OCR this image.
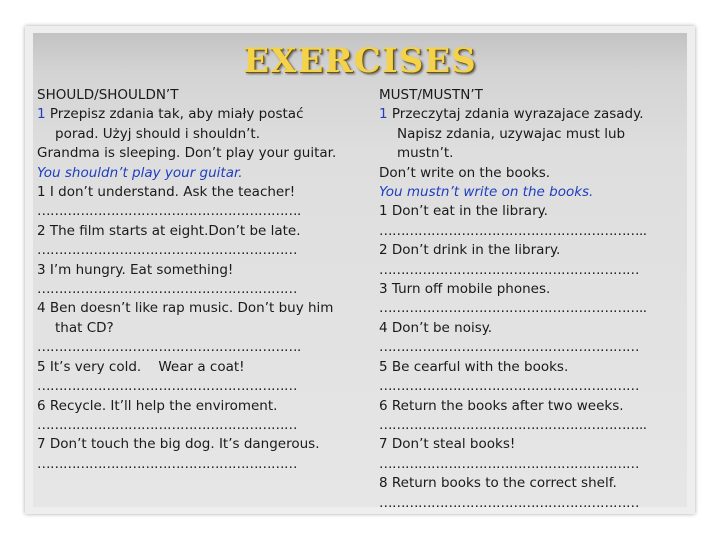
EXERCISES
SHOULD/SHOULDN’T
1 Przepisz zdania tak, aby miały postać
porad. Użyj should i shouldn’t.
Grandma is sleeping. Don’t play your guitar.
You shouldn’t play your guitar.
1 I don’t understand. Ask the teacher!
…………………………………………………….
2 The film starts at eight.Don’t be late.
……………………………………………………
3 I’m hungry. Eat something!
……………………………………………………
4 Ben doesn’t like rap music. Don’t buy him
that CD?
…………………………………………………….
5 It’s very cold.    Wear a coat!
……………………………………………………
6 Recycle. It’ll help the enviroment.
……………………………………………………
7 Don’t touch the big dog. It’s dangerous.
……………………………………………………
MUST/MUSTN’T
1 Przeczytaj zdania wyrazajace zasady.
Napisz zdania, uzywajac must lub
mustn’t.
Don’t write on the books.
You mustn’t write on the books.
1 Don’t eat in the library.
……………………………………………………..
2 Don’t drink in the library.
……………………………………………………
3 Turn off mobile phones.
……………………………………………………..
4 Don’t be noisy.
……………………………………………………
5 Be cearful with the books.
……………………………………………………
6 Return the books after two weeks.
……………………………………………………..
7 Don’t steal books!
……………………………………………………
8 Return books to the correct shelf.
……………………………………………………
